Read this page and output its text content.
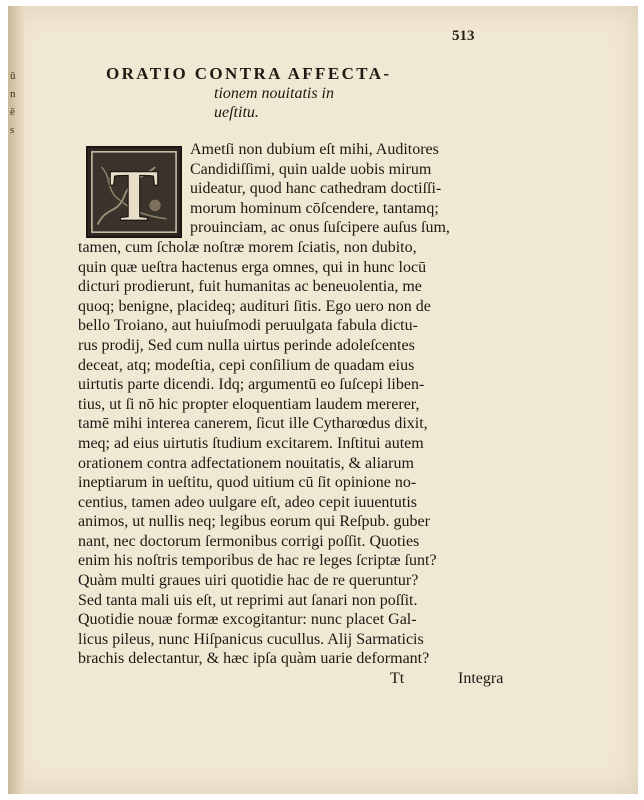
ū
n
ē
s
513
ORATIO CONTRA AFFECTA-
tionem nouitatis in
ueſtitu.
T
Ametſi non dubium eſt mihi, Auditores
Candidiſſimi, quin ualde uobis mirum
uideatur, quod hanc cathedram doctiſſi-
morum hominum cōſcendere, tantamq;
prouinciam, ac onus ſuſcipere auſus ſum,
tamen, cum ſcholæ noſtræ morem ſciatis, non dubito,
quin quæ ueſtra hactenus erga omnes, qui in hunc locū
dicturi prodierunt, fuit humanitas ac beneuolentia, me
quoq; benigne, placideq; audituri ſitis. Ego uero non de
bello Troiano, aut huiuſmodi peruulgata fabula dictu-
rus prodij, Sed cum nulla uirtus perinde adoleſcentes
deceat, atq; modeſtia, cepi conſilium de quadam eius
uirtutis parte dicendi. Idq; argumentū eo ſuſcepi liben-
tius, ut ſi nō hic propter eloquentiam laudem mererer,
tamē mihi interea canerem, ſicut ille Cytharœdus dixit,
meq; ad eius uirtutis ſtudium excitarem. Inſtitui autem
orationem contra adfectationem nouitatis, & aliarum
ineptiarum in ueſtitu, quod uitium cū ſit opinione no-
centius, tamen adeo uulgare eſt, adeo cepit iuuentutis
animos, ut nullis neq; legibus eorum qui Reſpub. guber
nant, nec doctorum ſermonibus corrigi poſſit. Quoties
enim his noſtris temporibus de hac re leges ſcriptæ ſunt?
Quàm multi graues uiri quotidie hac de re queruntur?
Sed tanta mali uis eſt, ut reprimi aut ſanari non poſſit.
Quotidie nouæ formæ excogitantur: nunc placet Gal-
licus pileus, nunc Hiſpanicus cucullus. Alij Sarmaticis
brachis delectantur, & hæc ipſa quàm uarie deformant?
Tt	Integra
